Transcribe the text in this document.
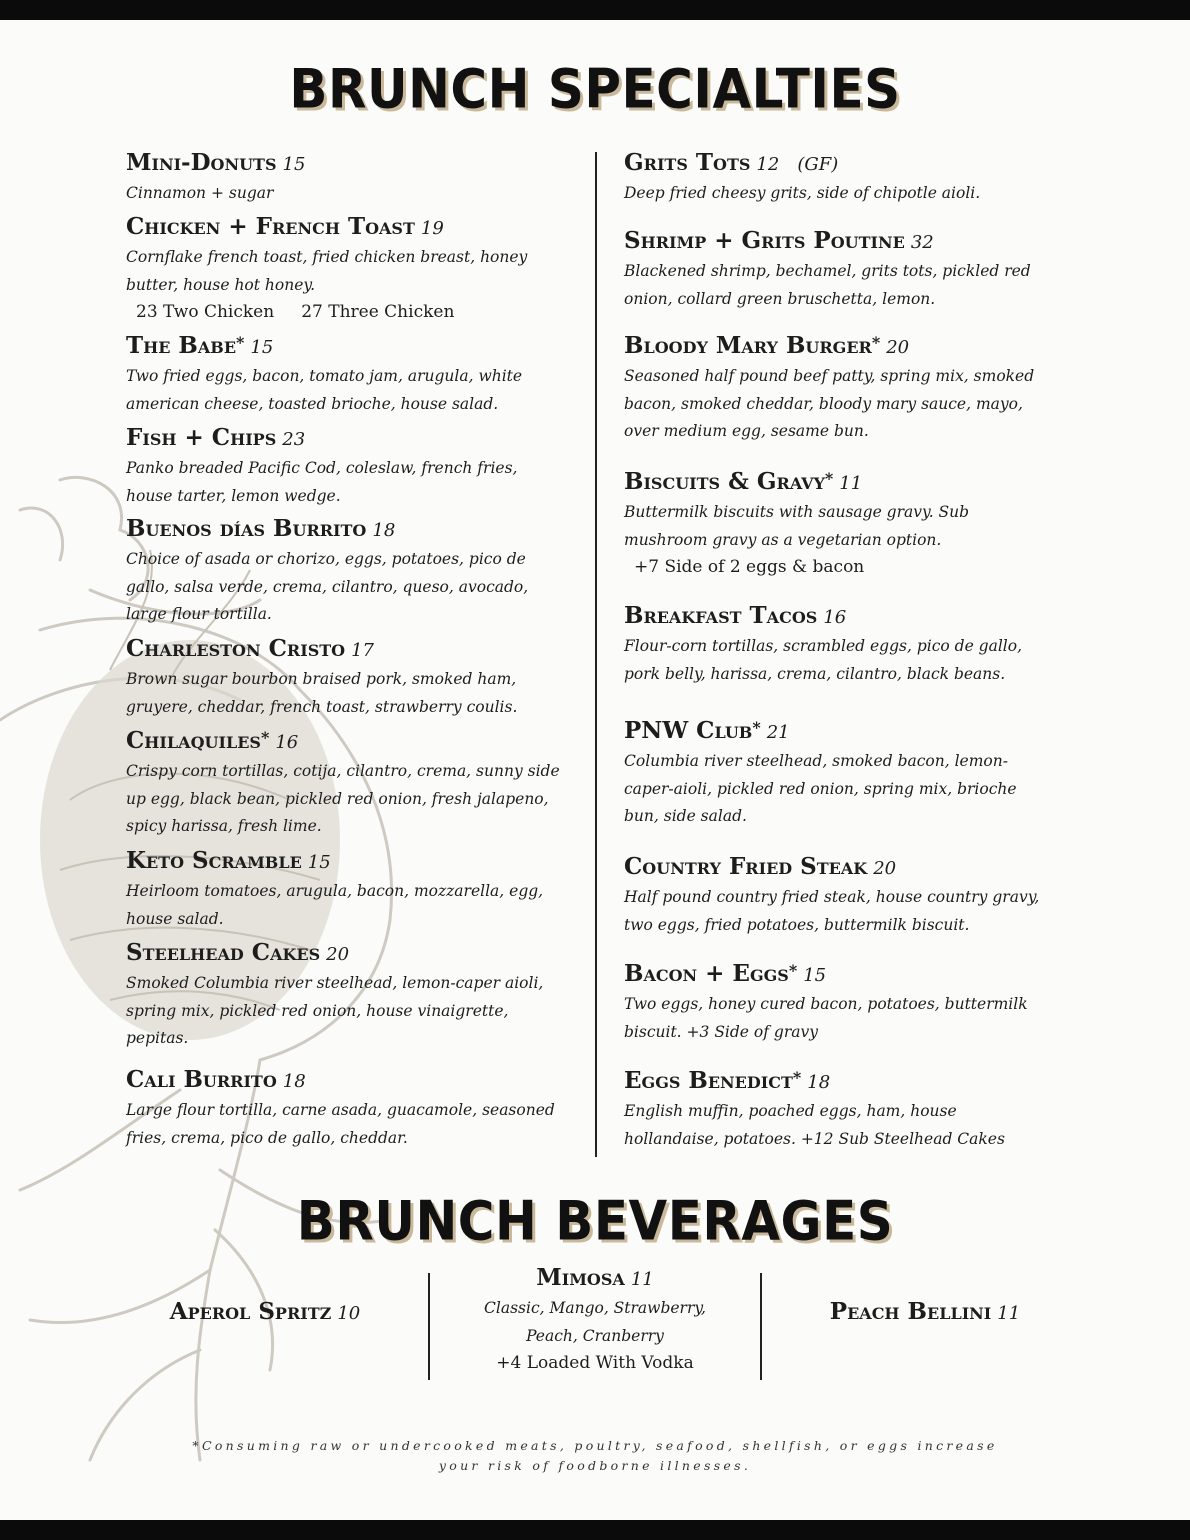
BRUNCH SPECIALTIES
Mini-Donuts 15
Cinnamon + sugar
Chicken + French Toast 19
Cornflake french toast, fried chicken breast, honey butter, house hot honey.
23 Two Chicken     27 Three Chicken
The Babe* 15
Two fried eggs, bacon, tomato jam, arugula, white american cheese, toasted brioche, house salad.
Fish + Chips 23
Panko breaded Pacific Cod, coleslaw, french fries, house tarter, lemon wedge.
Buenos días Burrito 18
Choice of asada or chorizo, eggs, potatoes, pico de gallo, salsa verde, crema, cilantro, queso, avocado, large flour tortilla.
Charleston Cristo 17
Brown sugar bourbon braised pork, smoked ham, gruyere, cheddar, french toast, strawberry coulis.
Chilaquiles* 16
Crispy corn tortillas, cotija, cilantro, crema, sunny side up egg, black bean, pickled red onion, fresh jalapeno, spicy harissa, fresh lime.
Keto Scramble 15
Heirloom tomatoes, arugula, bacon, mozzarella, egg, house salad.
Steelhead Cakes 20
Smoked Columbia river steelhead, lemon-caper aioli, spring mix, pickled red onion, house vinaigrette, pepitas.
Cali Burrito 18
Large flour tortilla, carne asada, guacamole, seasoned fries, crema, pico de gallo, cheddar.
Grits Tots 12 (GF)
Deep fried cheesy grits, side of chipotle aioli.
Shrimp + Grits Poutine 32
Blackened shrimp, bechamel, grits tots, pickled red onion, collard green bruschetta, lemon.
Bloody Mary Burger* 20
Seasoned half pound beef patty, spring mix, smoked bacon, smoked cheddar, bloody mary sauce, mayo, over medium egg, sesame bun.
Biscuits & Gravy* 11
Buttermilk biscuits with sausage gravy. Sub mushroom gravy as a vegetarian option.
+7 Side of 2 eggs & bacon
Breakfast Tacos 16
Flour-corn tortillas, scrambled eggs, pico de gallo, pork belly, harissa, crema, cilantro, black beans.
PNW Club* 21
Columbia river steelhead, smoked bacon, lemon-caper-aioli, pickled red onion, spring mix, brioche bun, side salad.
Country Fried Steak 20
Half pound country fried steak, house country gravy, two eggs, fried potatoes, buttermilk biscuit.
Bacon + Eggs* 15
Two eggs, honey cured bacon, potatoes, buttermilk biscuit. +3 Side of gravy
Eggs Benedict* 18
English muffin, poached eggs, ham, house hollandaise, potatoes. +12 Sub Steelhead Cakes
BRUNCH BEVERAGES
Aperol Spritz 10
Mimosa 11
Classic, Mango, Strawberry,
Peach, Cranberry
+4 Loaded With Vodka
Peach Bellini 11
*Consuming raw or undercooked meats, poultry, seafood, shellfish, or eggs increase your risk of foodborne illnesses.
